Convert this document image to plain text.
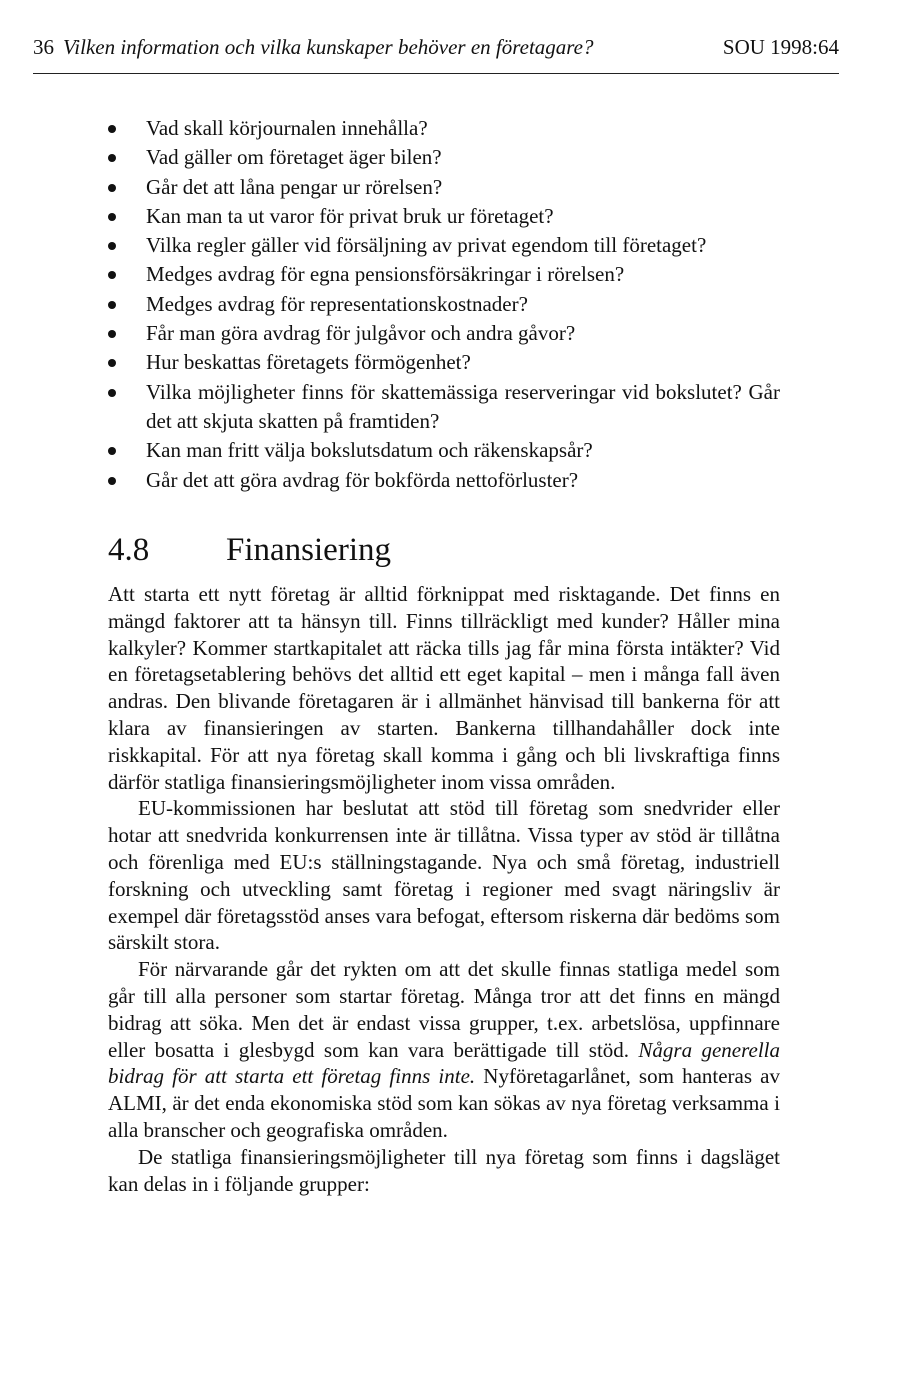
36 Vilken information och vilka kunskaper behöver en företagare?	SOU 1998:64
Vad skall körjournalen innehålla?
Vad gäller om företaget äger bilen?
Går det att låna pengar ur rörelsen?
Kan man ta ut varor för privat bruk ur företaget?
Vilka regler gäller vid försäljning av privat egendom till företaget?
Medges avdrag för egna pensionsförsäkringar i rörelsen?
Medges avdrag för representationskostnader?
Får man göra avdrag för julgåvor och andra gåvor?
Hur beskattas företagets förmögenhet?
Vilka möjligheter finns för skattemässiga reserveringar vid bokslutet? Går det att skjuta skatten på framtiden?
Kan man fritt välja bokslutsdatum och räkenskapsår?
Går det att göra avdrag för bokförda nettoförluster?
4.8 Finansiering

Att starta ett nytt företag är alltid förknippat med risktagande. Det finns en mängd faktorer att ta hänsyn till. Finns tillräckligt med kunder? Håller mina kalkyler? Kommer startkapitalet att räcka tills jag får mina första intäkter? Vid en företagsetablering behövs det alltid ett eget kapital – men i många fall även andras. Den blivande företagaren är i allmänhet hänvisad till bankerna för att klara av finansieringen av starten. Bankerna tillhandahåller dock inte riskkapital. För att nya företag skall komma i gång och bli livskraftiga finns därför statliga finansieringsmöjligheter inom vissa områden.

EU-kommissionen har beslutat att stöd till företag som snedvrider eller hotar att snedvrida konkurrensen inte är tillåtna. Vissa typer av stöd är tillåtna och förenliga med EU:s ställningstagande. Nya och små företag, industriell forskning och utveckling samt företag i regioner med svagt näringsliv är exempel där företagsstöd anses vara befogat, eftersom riskerna där bedöms som särskilt stora.

För närvarande går det rykten om att det skulle finnas statliga medel som går till alla personer som startar företag. Många tror att det finns en mängd bidrag att söka. Men det är endast vissa grupper, t.ex. arbetslösa, uppfinnare eller bosatta i glesbygd som kan vara berättigade till stöd. Några generella bidrag för att starta ett företag finns inte. Nyföretagarlånet, som hanteras av ALMI, är det enda ekonomiska stöd som kan sökas av nya företag verksamma i alla branscher och geografiska områden.

De statliga finansieringsmöjligheter till nya företag som finns i dagsläget kan delas in i följande grupper:
